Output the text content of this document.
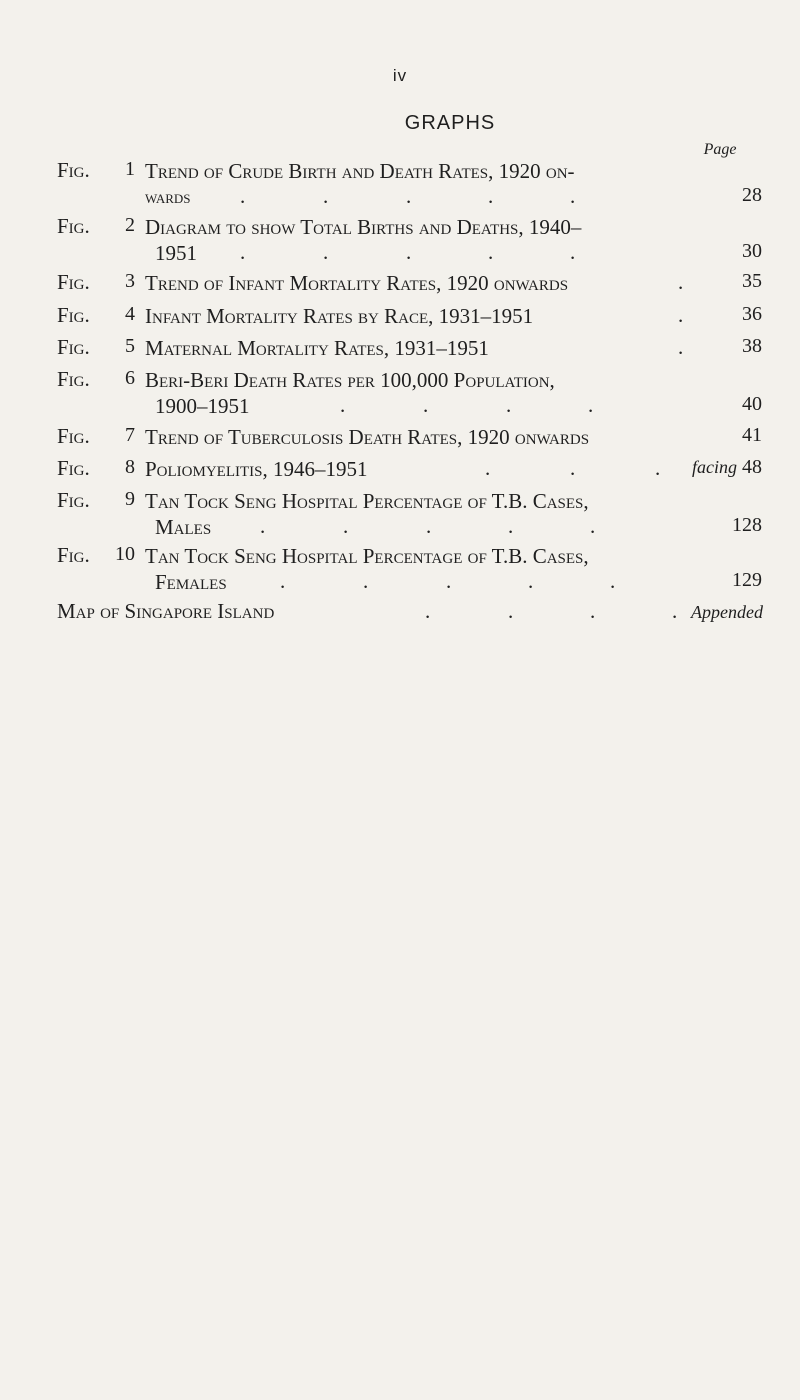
iv
GRAPHS
Page
Fig.	1 Trend of Crude Birth and Death Rates, 1920 on-
wards	.	.	.	.	.	28
Fig.	2 Diagram to show Total Births and Deaths, 1940–
1951	.	.	.	.	.	30
Fig.	3 Trend of Infant Mortality Rates, 1920 onwards	.	35
Fig.	4 Infant Mortality Rates by Race, 1931–1951	.	36
Fig.	5 Maternal Mortality Rates, 1931–1951	.	38
Fig.	6 Beri-Beri Death Rates per 100,000 Population,
1900–1951	.	.	.	.	40
Fig.	7 Trend of Tuberculosis Death Rates, 1920 onwards	41
Fig.	8 Poliomyelitis, 1946–1951	.	.	.	facing 48
Fig.	9 Tan Tock Seng Hospital Percentage of T.B. Cases,
Males	.	.	.	.	.	128
Fig.	10 Tan Tock Seng Hospital Percentage of T.B. Cases,
Females	.	.	.	.	.	129
Map of Singapore Island	.	.	.	. Appended
